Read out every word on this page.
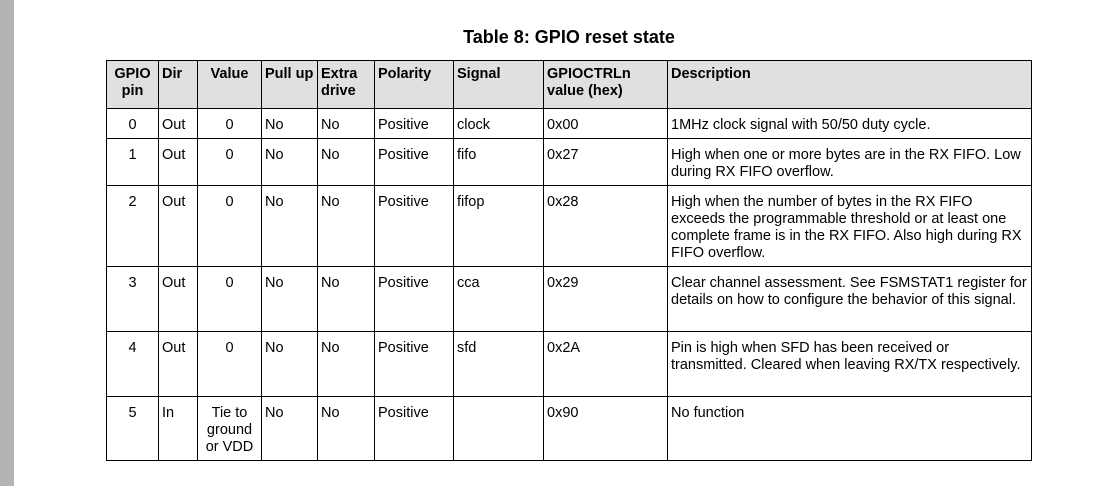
Table 8: GPIO reset state
GPIO pin	Dir	Value	Pull up	Extra drive	Polarity	Signal	GPIOCTRLn value (hex)	Description
0	Out	0	No	No	Positive	clock	0x00	1MHz clock signal with 50/50 duty cycle.
1	Out	0	No	No	Positive	fifo	0x27	High when one or more bytes are in the RX FIFO. Low during RX FIFO overflow.
2	Out	0	No	No	Positive	fifop	0x28	High when the number of bytes in the RX FIFO exceeds the programmable threshold or at least one complete frame is in the RX FIFO. Also high during RX FIFO overflow.
3	Out	0	No	No	Positive	cca	0x29	Clear channel assessment. See FSMSTAT1 register for details on how to configure the behavior of this signal.
4	Out	0	No	No	Positive	sfd	0x2A	Pin is high when SFD has been received or transmitted. Cleared when leaving RX/TX respectively.
5	In	Tie to ground or VDD	No	No	Positive		0x90	No function
